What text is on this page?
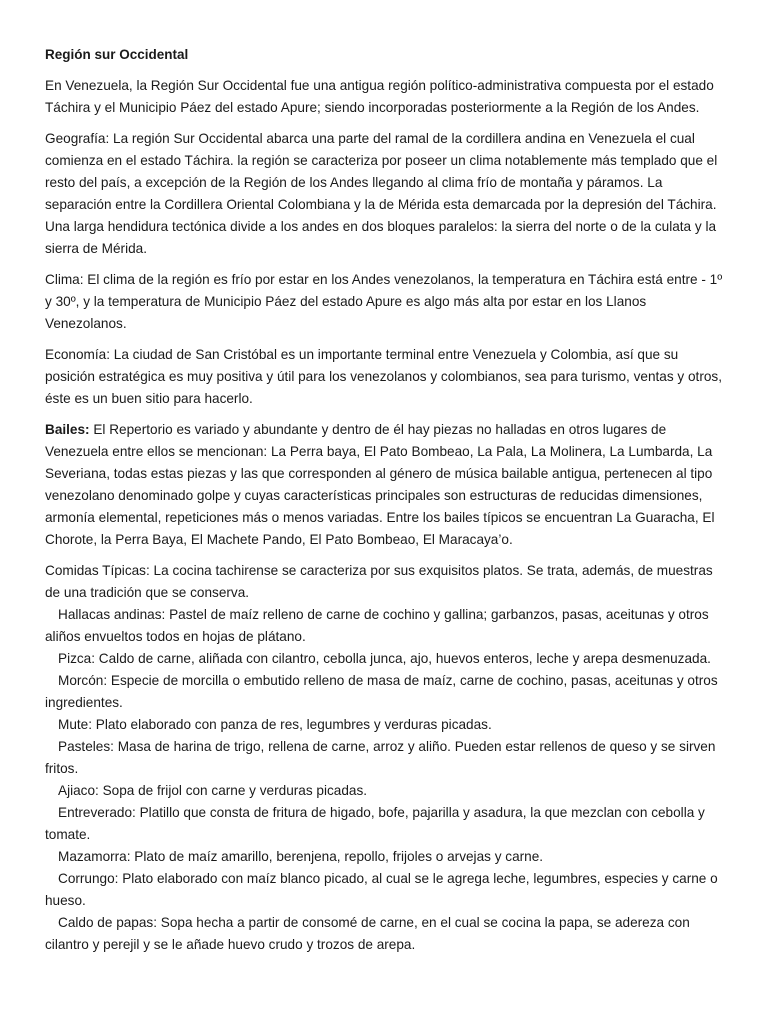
Región sur Occidental

En Venezuela, la Región Sur Occidental fue una antigua región político-administrativa compuesta por el estado Táchira y el Municipio Páez del estado Apure; siendo incorporadas posteriormente a la Región de los Andes.

Geografía: La región Sur Occidental abarca una parte del ramal de la cordillera andina en Venezuela el cual comienza en el estado Táchira. la región se caracteriza por poseer un clima notablemente más templado que el resto del país, a excepción de la Región de los Andes llegando al clima frío de montaña y páramos. La separación entre la Cordillera Oriental Colombiana y la de Mérida esta demarcada por la depresión del Táchira. Una larga hendidura tectónica divide a los andes en dos bloques paralelos: la sierra del norte o de la culata y la sierra de Mérida.

Clima: El clima de la región es frío por estar en los Andes venezolanos, la temperatura en Táchira está entre - 1º y 30º, y la temperatura de Municipio Páez del estado Apure es algo más alta por estar en los Llanos Venezolanos.

Economía: La ciudad de San Cristóbal es un importante terminal entre Venezuela y Colombia, así que su posición estratégica es muy positiva y útil para los venezolanos y colombianos, sea para turismo, ventas y otros, éste es un buen sitio para hacerlo.

Bailes: El Repertorio es variado y abundante y dentro de él hay piezas no halladas en otros lugares de Venezuela entre ellos se mencionan: La Perra baya, El Pato Bombeao, La Pala, La Molinera, La Lumbarda, La Severiana, todas estas piezas y las que corresponden al género de música bailable antigua, pertenecen al tipo venezolano denominado golpe y cuyas características principales son estructuras de reducidas dimensiones, armonía elemental, repeticiones más o menos variadas. Entre los bailes típicos se encuentran La Guaracha, El Chorote, la Perra Baya, El Machete Pando, El Pato Bombeao, El Maracaya’o.

Comidas Típicas: La cocina tachirense se caracteriza por sus exquisitos platos. Se trata, además, de muestras de una tradición que se conserva.
Hallacas andinas: Pastel de maíz relleno de carne de cochino y gallina; garbanzos, pasas, aceitunas y otros aliños envueltos todos en hojas de plátano.
Pizca: Caldo de carne, aliñada con cilantro, cebolla junca, ajo, huevos enteros, leche y arepa desmenuzada.
Morcón: Especie de morcilla o embutido relleno de masa de maíz, carne de cochino, pasas, aceitunas y otros ingredientes.
Mute: Plato elaborado con panza de res, legumbres y verduras picadas.
Pasteles: Masa de harina de trigo, rellena de carne, arroz y aliño. Pueden estar rellenos de queso y se sirven fritos.
Ajiaco: Sopa de frijol con carne y verduras picadas.
Entreverado: Platillo que consta de fritura de higado, bofe, pajarilla y asadura, la que mezclan con cebolla y tomate.
Mazamorra: Plato de maíz amarillo, berenjena, repollo, frijoles o arvejas y carne.
Corrungo: Plato elaborado con maíz blanco picado, al cual se le agrega leche, legumbres, especies y carne o hueso.
Caldo de papas: Sopa hecha a partir de consomé de carne, en el cual se cocina la papa, se adereza con cilantro y perejil y se le añade huevo crudo y trozos de arepa.
